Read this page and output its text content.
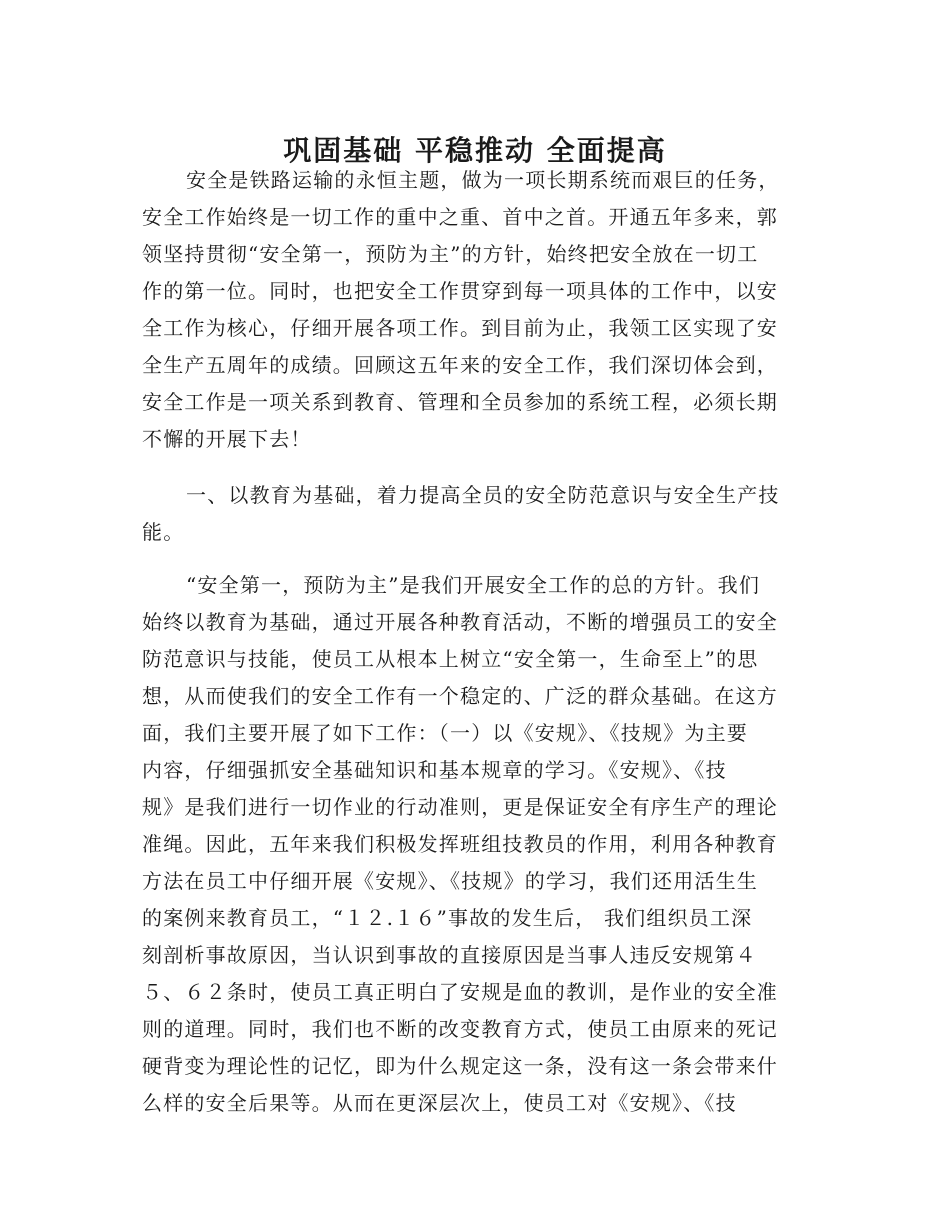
巩固基础 平稳推动 全面提高

安全是铁路运输的永恒主题，做为一项长期系统而艰巨的任务，
安全工作始终是一切工作的重中之重、首中之首。开通五年多来，郭
领坚持贯彻“安全第一，预防为主”的方针，始终把安全放在一切工
作的第一位。同时，也把安全工作贯穿到每一项具体的工作中，以安
全工作为核心，仔细开展各项工作。到目前为止，我领工区实现了安
全生产五周年的成绩。回顾这五年来的安全工作，我们深切体会到，
安全工作是一项关系到教育、管理和全员参加的系统工程，必须长期
不懈的开展下去！

一、以教育为基础，着力提高全员的安全防范意识与安全生产技
能。

“安全第一，预防为主”是我们开展安全工作的总的方针。我们
始终以教育为基础，通过开展各种教育活动，不断的增强员工的安全
防范意识与技能，使员工从根本上树立“安全第一，生命至上”的思
想，从而使我们的安全工作有一个稳定的、广泛的群众基础。在这方
面，我们主要开展了如下工作：（一）以《安规》、《技规》为主要
内容，仔细强抓安全基础知识和基本规章的学习。《安规》、《技
规》是我们进行一切作业的行动准则，更是保证安全有序生产的理论
准绳。因此，五年来我们积极发挥班组技教员的作用，利用各种教育
方法在员工中仔细开展《安规》、《技规》的学习，我们还用活生生
的案例来教育员工，“１２.１６”事故的发生后， 我们组织员工深
刻剖析事故原因，当认识到事故的直接原因是当事人违反安规第４
５、６２条时，使员工真正明白了安规是血的教训，是作业的安全准
则的道理。同时，我们也不断的改变教育方式，使员工由原来的死记
硬背变为理论性的记忆，即为什么规定这一条，没有这一条会带来什
么样的安全后果等。从而在更深层次上，使员工对《安规》、《技
